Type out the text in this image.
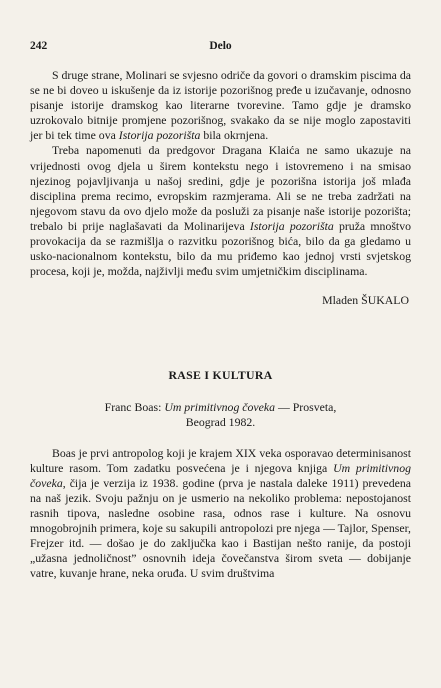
242	Delo

S druge strane, Molinari se svjesno odriče da govori o dramskim piscima da se ne bi doveo u iskušenje da iz istorije pozorišnog pređe u izučavanje, odnosno pisanje istorije dramskog kao literarne tvorevine. Tamo gdje je dramsko uzrokovalo bitnije promjene pozorišnog, svakako da se nije moglo zapostaviti jer bi tek time ova Istorija pozorišta bila okrnjena.

Treba napomenuti da predgovor Dragana Klaića ne samo ukazuje na vrijednosti ovog djela u širem kontekstu nego i istovremeno i na smisao njezinog pojavljivanja u našoj sredini, gdje je pozorišna istorija još mlađa disciplina prema recimo, evropskim razmjerama. Ali se ne treba zadržati na njegovom stavu da ovo djelo može da posluži za pisanje naše istorije pozorišta; trebalo bi prije naglašavati da Molinarijeva Istorija pozorišta pruža mnoštvo provokacija da se razmišlja o razvitku pozorišnog bića, bilo da ga gledamo u usko-nacionalnom kontekstu, bilo da mu priđemo kao jednoj vrsti svjetskog procesa, koji je, možda, najživlji među svim umjetničkim disciplinama.

Mladen ŠUKALO
RASE I KULTURA
Franc Boas: Um primitivnog čoveka — Prosveta,
Beograd 1982.

Boas je prvi antropolog koji je krajem XIX veka osporavao determinisanost kulture rasom. Tom zadatku posvećena je i njegova knjiga Um primitivnog čoveka, čija je verzija iz 1938. godine (prva je nastala daleke 1911) prevedena na naš jezik. Svoju pažnju on je usmerio na nekoliko problema: nepostojanost rasnih tipova, nasledne osobine rasa, odnos rase i kulture. Na osnovu mnogobrojnih primera, koje su sakupili antropolozi pre njega — Tajlor, Spenser, Frejzer itd. — došao je do zaključka kao i Bastijan nešto ranije, da postoji „užasna jednoličnost” osnovnih ideja čovečanstva širom sveta — dobijanje vatre, kuvanje hrane, neka oruđa. U svim društvima
